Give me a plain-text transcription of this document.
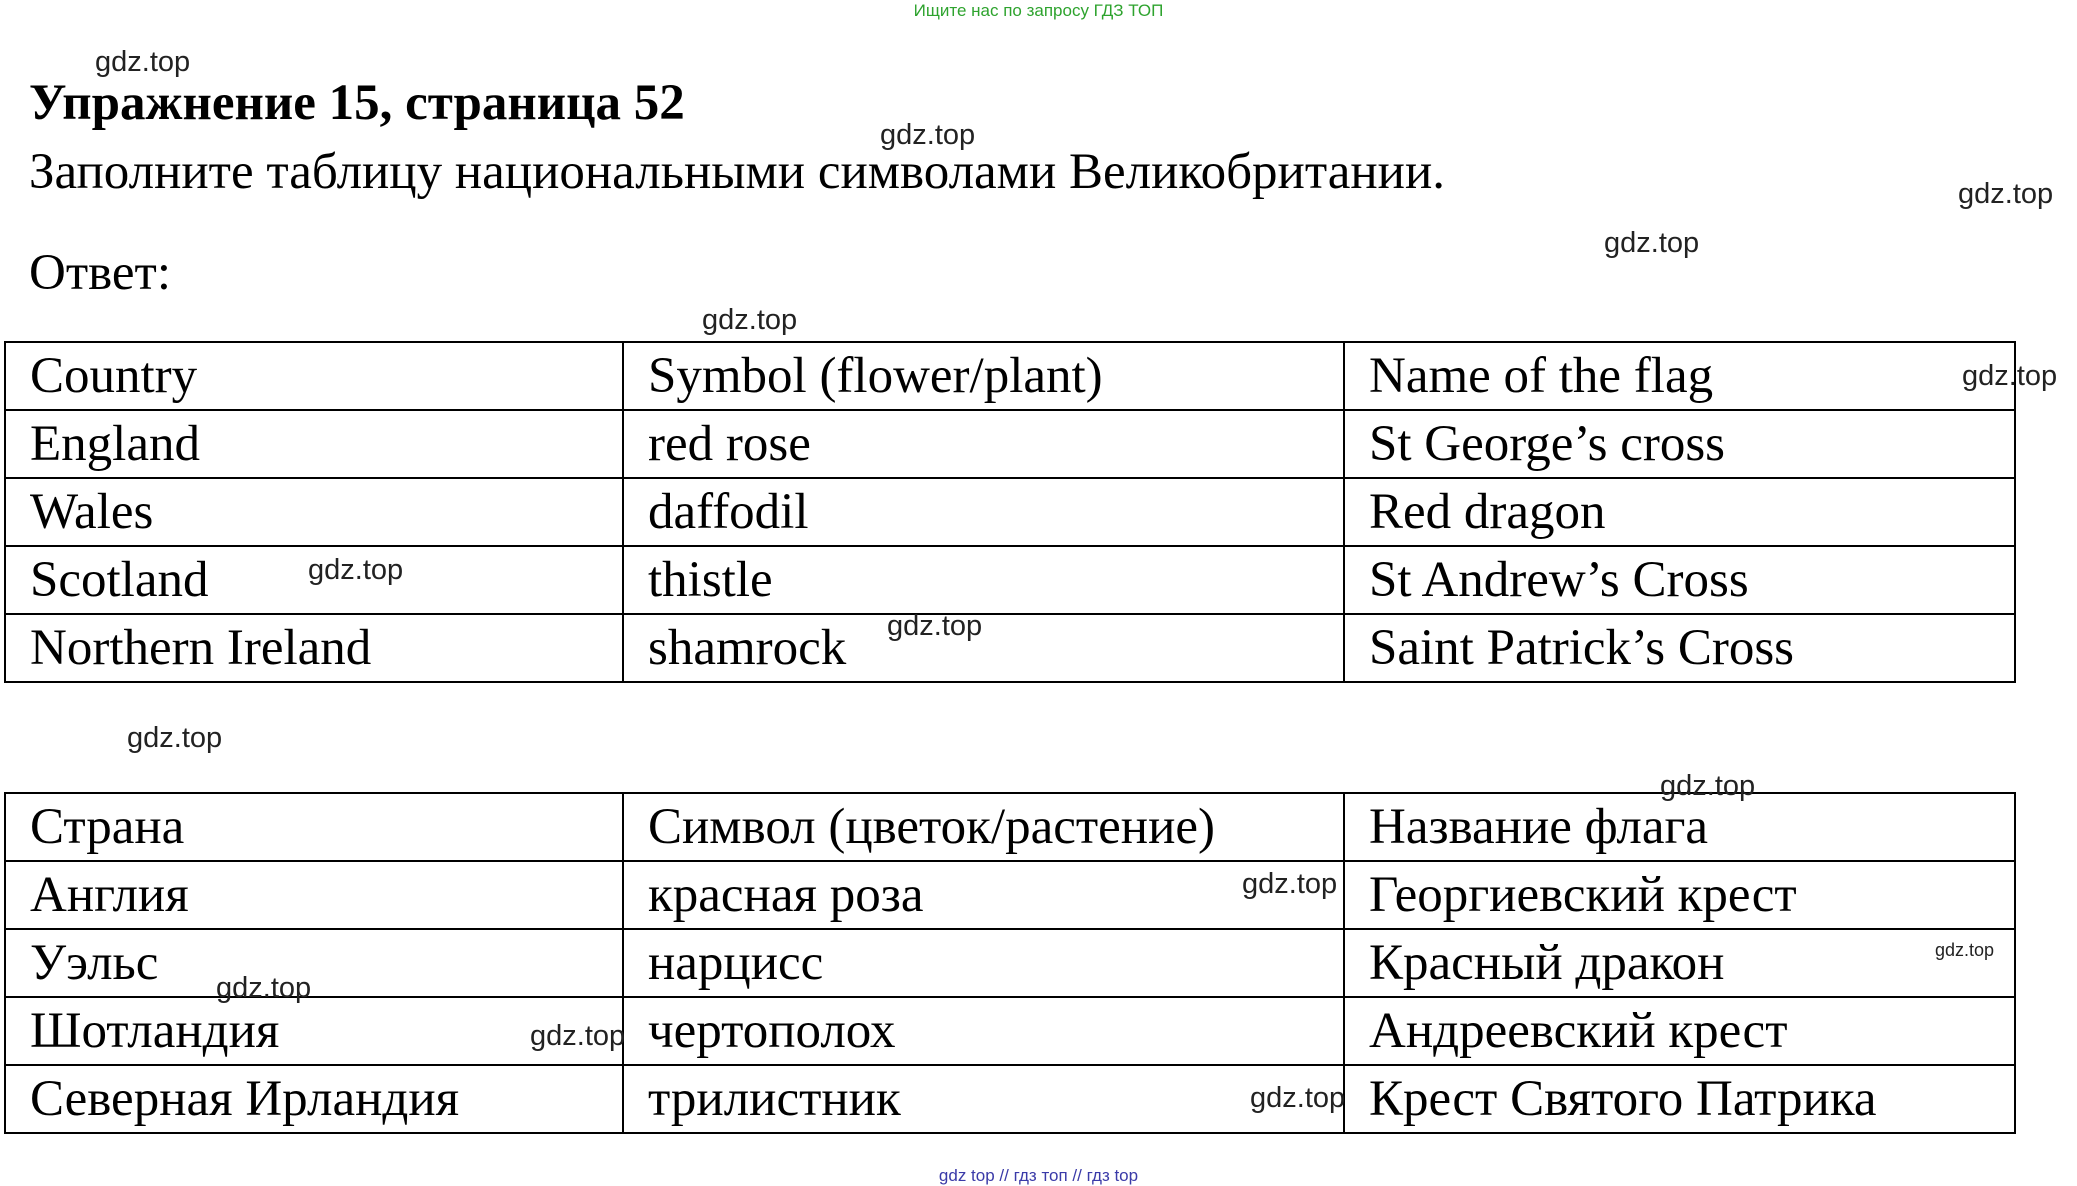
Ищите нас по запросу ГДЗ ТОП
Упражнение 15, страница 52
Заполните таблицу национальными символами Великобритании.
Ответ:
Country	Symbol (flower/plant)	Name of the flag
England	red rose	St George’s cross
Wales	daffodil	Red dragon
Scotland	thistle	St Andrew’s Cross
Northern Ireland	shamrock	Saint Patrick’s Cross
Страна	Символ (цветок/растение)	Название флага
Англия	красная роза	Георгиевский крест
Уэльс	нарцисс	Красный дракон
Шотландия	чертополох	Андреевский крест
Северная Ирландия	трилистник	Крест Святого Патрика
gdz.top
gdz.top
gdz.top
gdz.top
gdz.top
gdz.top
gdz.top
gdz.top
gdz.top
gdz.top
gdz.top
gdz.top
gdz.top
gdz.top
gdz.top
gdz top // гдз топ // гдз top
